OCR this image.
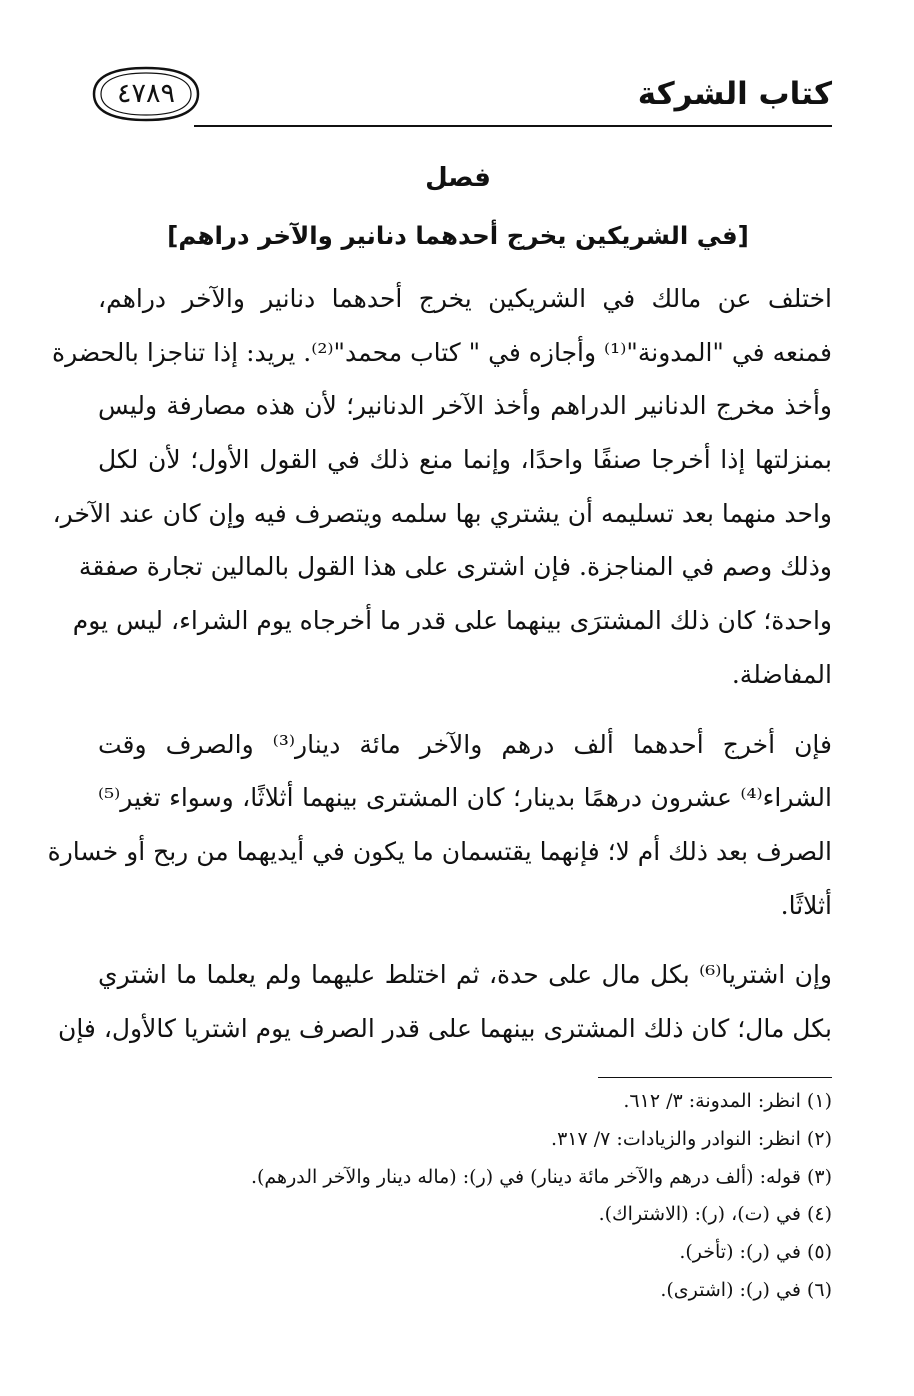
كتاب الشركة
٤٧٨٩
فصل
[في الشريكين يخرج أحدهما دنانير والآخر دراهم]
اختلف عن مالك في الشريكين يخرج أحدهما دنانير والآخر دراهم،
فمنعه في "المدونة"⁽¹⁾ وأجازه في " كتاب محمد"⁽²⁾. يريد: إذا تناجزا بالحضرة
وأخذ مخرج الدنانير الدراهم وأخذ الآخر الدنانير؛ لأن هذه مصارفة وليس
بمنزلتها إذا أخرجا صنفًا واحدًا، وإنما منع ذلك في القول الأول؛ لأن لكل
واحد منهما بعد تسليمه أن يشتري بها سلمه ويتصرف فيه وإن كان عند الآخر،
وذلك وصم في المناجزة. فإن اشترى على هذا القول بالمالين تجارة صفقة
واحدة؛ كان ذلك المشترَى بينهما على قدر ما أخرجاه يوم الشراء، ليس يوم
المفاضلة.
فإن أخرج أحدهما ألف درهم والآخر مائة دينار⁽³⁾ والصرف وقت
الشراء⁽⁴⁾ عشرون درهمًا بدينار؛ كان المشترى بينهما أثلاثًا، وسواء تغير⁽⁵⁾
الصرف بعد ذلك أم لا؛ فإنهما يقتسمان ما يكون في أيديهما من ربح أو خسارة
أثلاثًا.
وإن اشتريا⁽⁶⁾ بكل مال على حدة، ثم اختلط عليهما ولم يعلما ما اشتري
بكل مال؛ كان ذلك المشترى بينهما على قدر الصرف يوم اشتريا كالأول، فإن
(١) انظر: المدونة: ٣/ ٦١٢.
(٢) انظر: النوادر والزيادات: ٧/ ٣١٧.
(٣) قوله: (ألف درهم والآخر مائة دينار) في (ر): (ماله دينار والآخر الدرهم).
(٤) في (ت)، (ر): (الاشتراك).
(٥) في (ر): (تأخر).
(٦) في (ر): (اشترى).
